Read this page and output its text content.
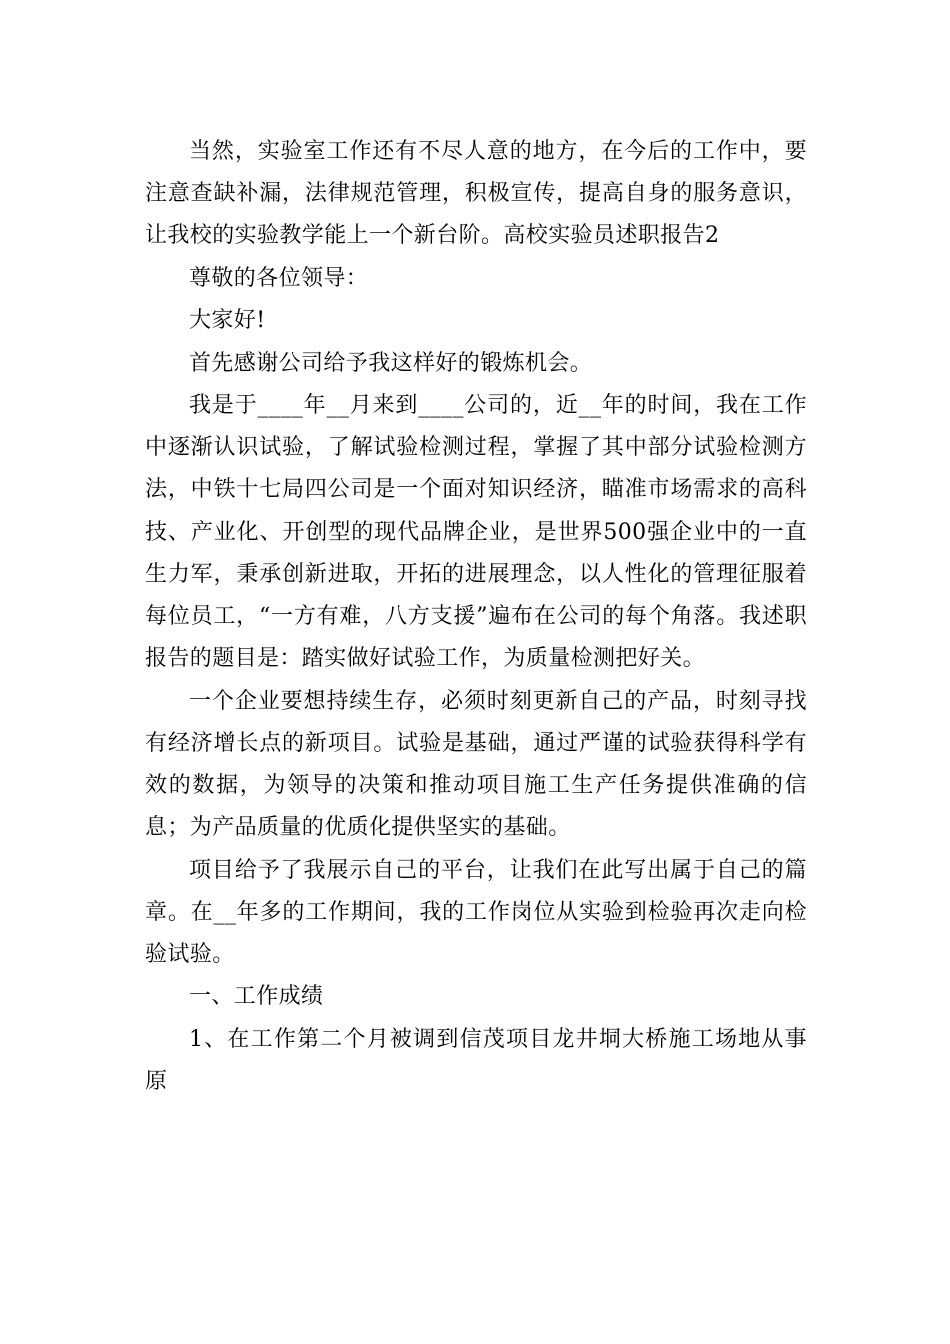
当然，实验室工作还有不尽人意的地方，在今后的工作中，要注意查缺补漏，法律规范管理，积极宣传，提高自身的服务意识，让我校的实验教学能上一个新台阶。高校实验员述职报告2

尊敬的各位领导：

大家好!

首先感谢公司给予我这样好的锻炼机会。

我是于____年__月来到____公司的，近__年的时间，我在工作中逐渐认识试验，了解试验检测过程，掌握了其中部分试验检测方法，中铁十七局四公司是一个面对知识经济，瞄准市场需求的高科技、产业化、开创型的现代品牌企业，是世界500强企业中的一直生力军，秉承创新进取，开拓的进展理念，以人性化的管理征服着每位员工，“一方有难，八方支援”遍布在公司的每个角落。我述职报告的题目是：踏实做好试验工作，为质量检测把好关。

一个企业要想持续生存，必须时刻更新自己的产品，时刻寻找有经济增长点的新项目。试验是基础，通过严谨的试验获得科学有效的数据，为领导的决策和推动项目施工生产任务提供准确的信息；为产品质量的优质化提供坚实的基础。

项目给予了我展示自己的平台，让我们在此写出属于自己的篇章。在__年多的工作期间，我的工作岗位从实验到检验再次走向检验试验。

一、工作成绩

1、在工作第二个月被调到信茂项目龙井垌大桥施工场地从事原
